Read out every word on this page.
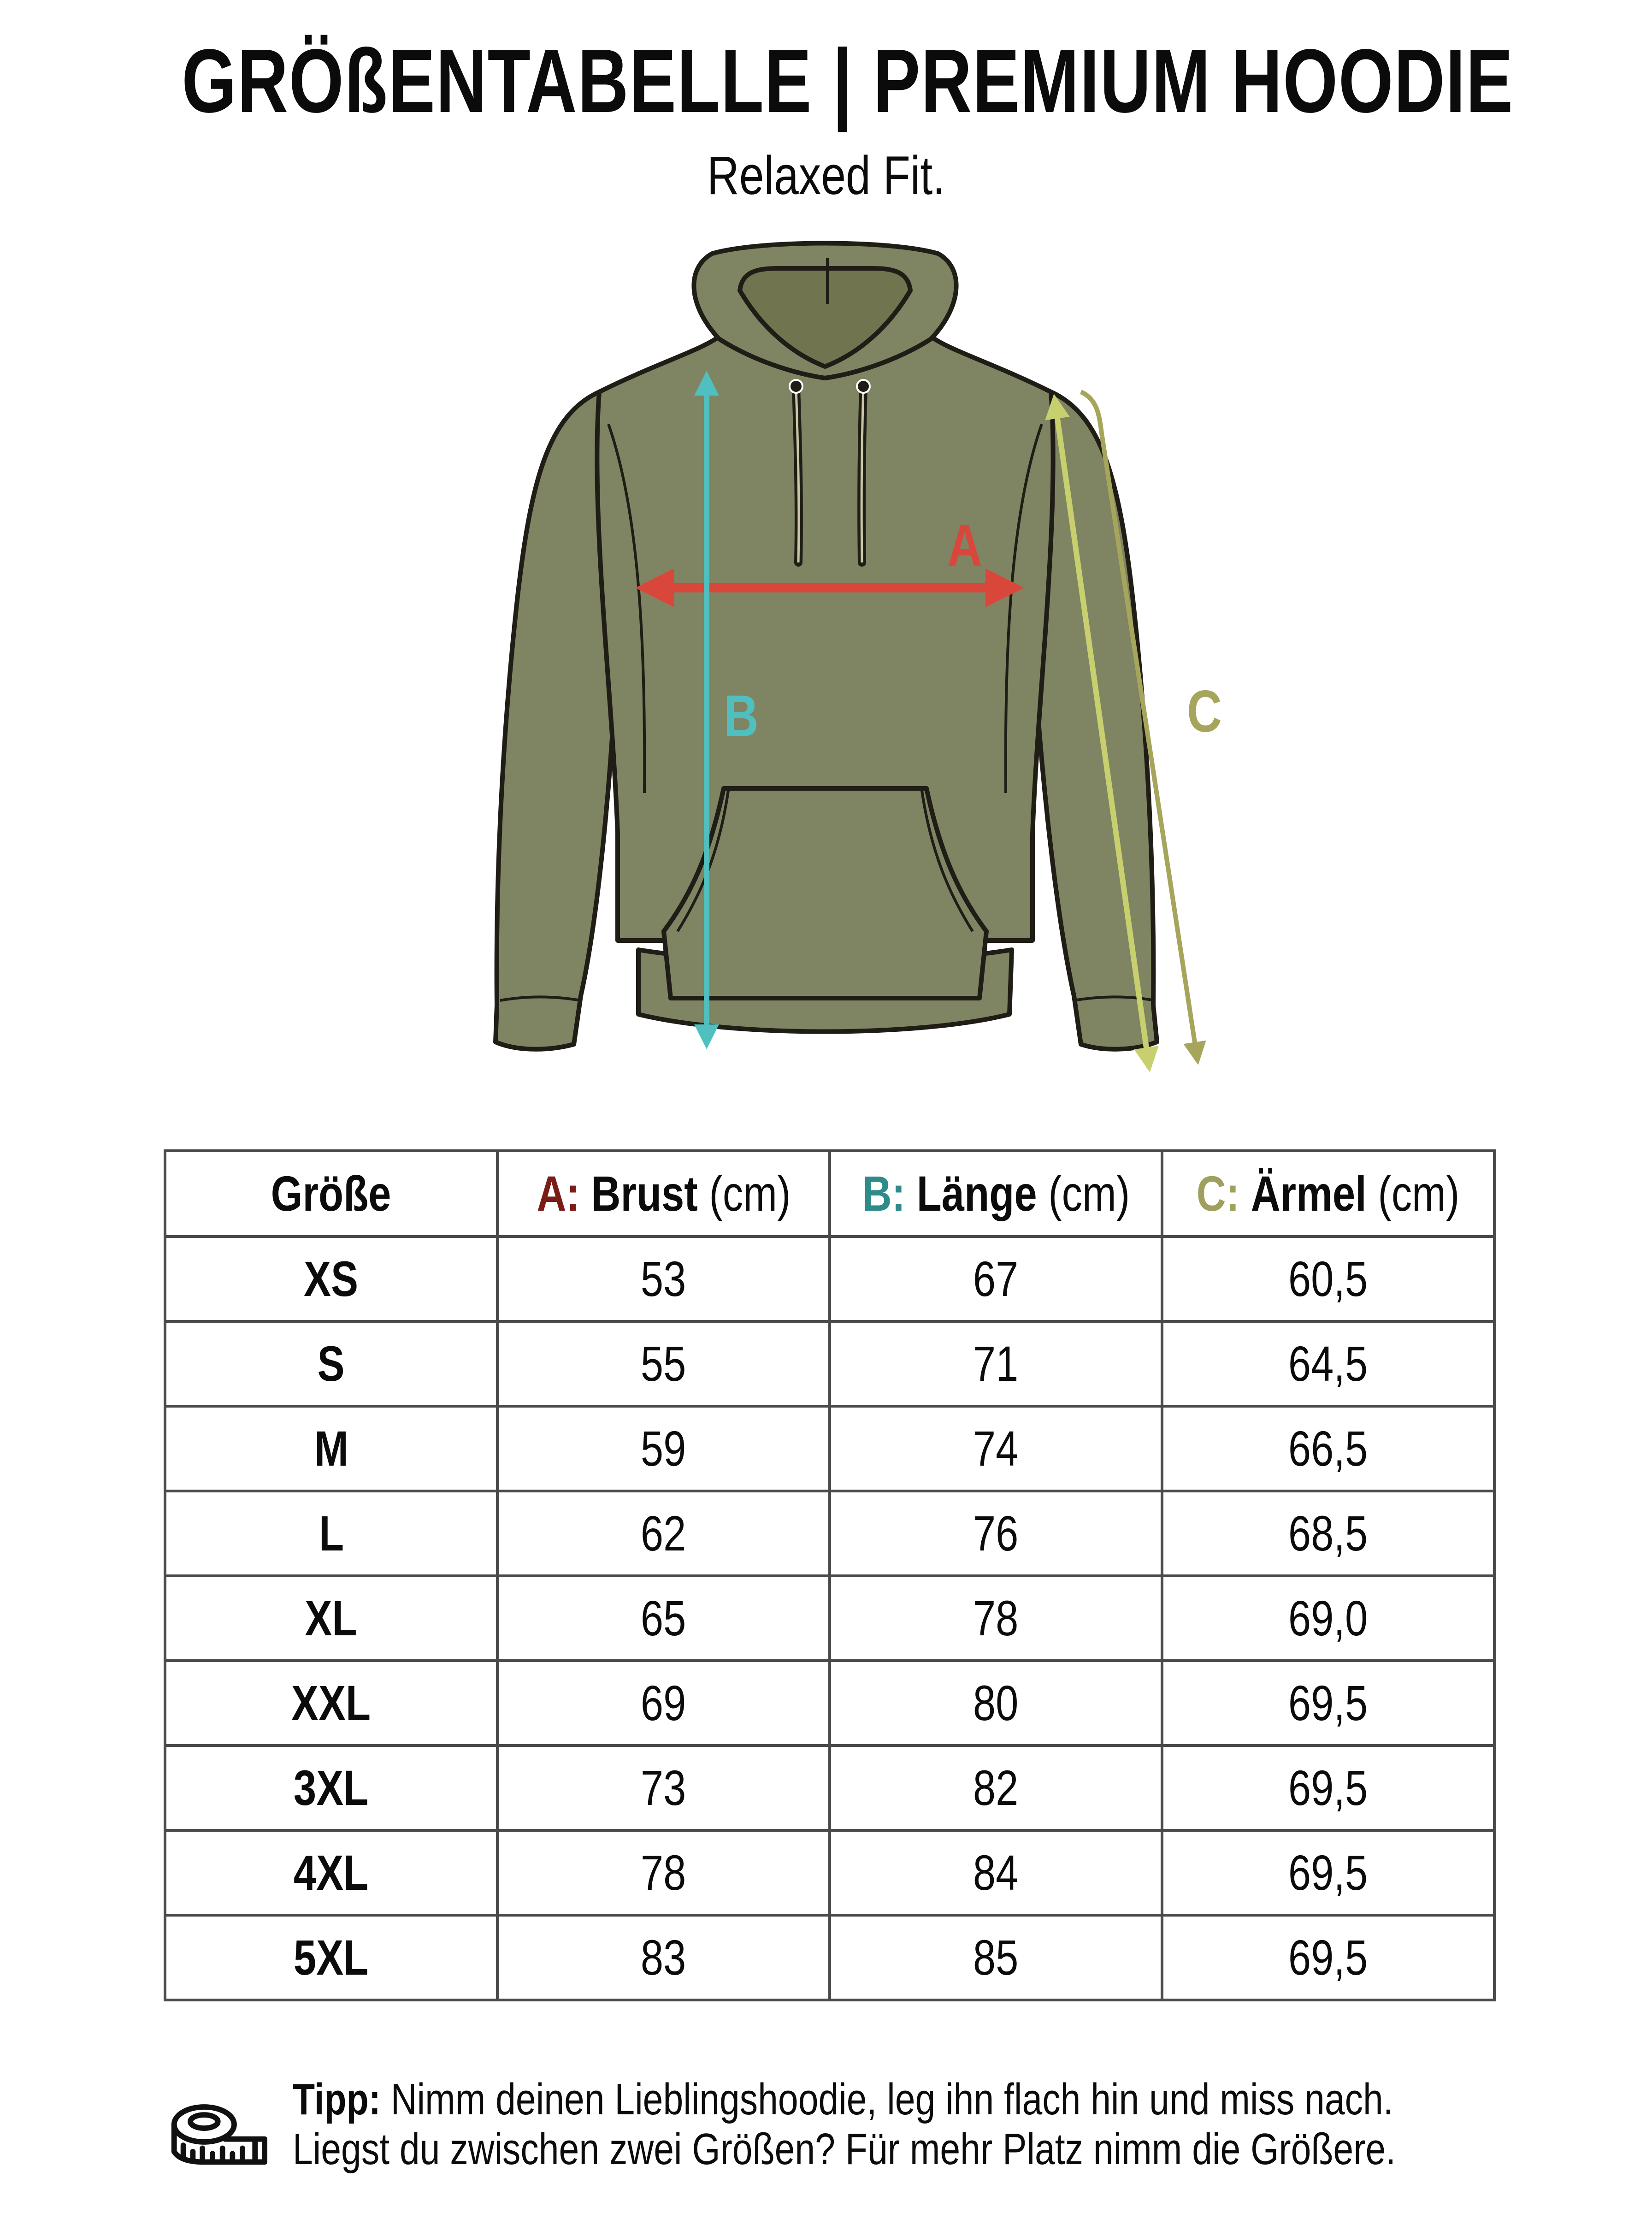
GRÖßENTABELLE | PREMIUM HOODIE
Relaxed Fit.
A
B	C
Größe	A: Brust (cm)	B: Länge (cm)	C: Ärmel (cm)
XS	53	67	60,5
S	55	71	64,5
M	59	74	66,5
L	62	76	68,5
XL	65	78	69,0
XXL	69	80	69,5
3XL	73	82	69,5
4XL	78	84	69,5
5XL	83	85	69,5
Tipp: Nimm deinen Lieblingshoodie, leg ihn flach hin und miss nach.
Liegst du zwischen zwei Größen? Für mehr Platz nimm die Größere.
